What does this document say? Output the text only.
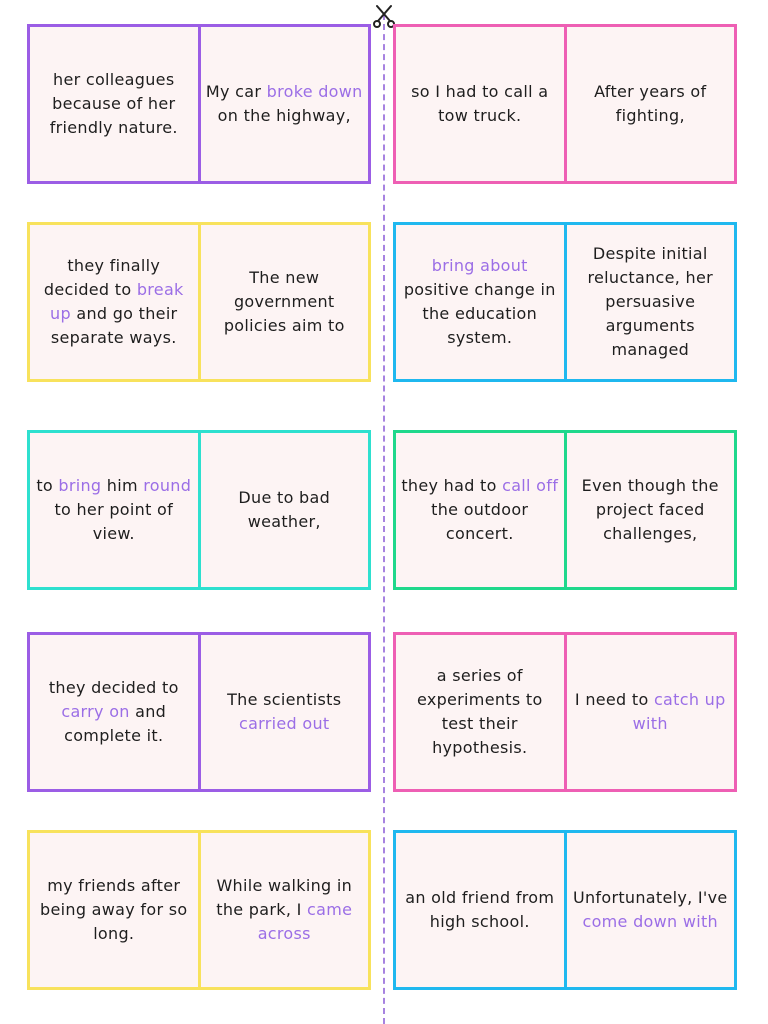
her colleagues because of her friendly nature.
My car broke down on the highway,
so I had to call a tow truck.
After years of fighting,
they finally decided to break up and go their separate ways.
The new government policies aim to
bring about positive change in the education system.
Despite initial reluctance, her persuasive arguments managed
to bring him round to her point of view.
Due to bad weather,
they had to call off the outdoor concert.
Even though the project faced challenges,
they decided to carry on and complete it.
The scientists carried out
a series of experiments to test their hypothesis.
I need to catch up with
my friends after being away for so long.
While walking in the park, I came across
an old friend from high school.
Unfortunately, I've come down with
